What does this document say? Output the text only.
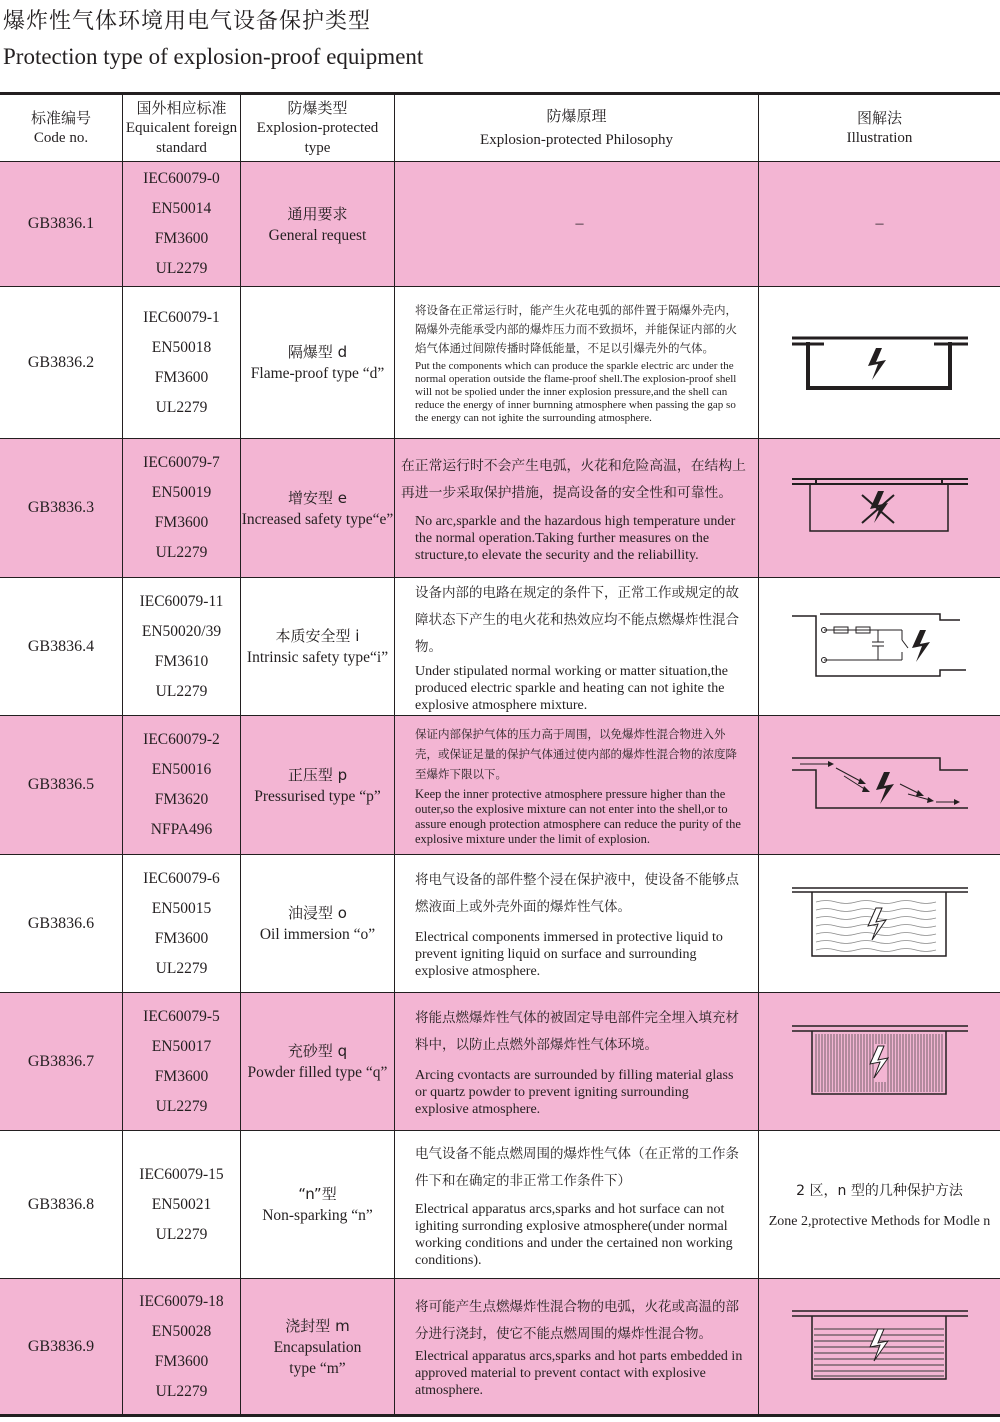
爆炸性气体环境用电气设备保护类型
Protection type of explosion-proof equipment
标准编号
Code no.
国外相应标准
Equicalent foreign
standard
防爆类型
Explosion-protected
type
防爆原理
Explosion-protected Philosophy
图解法
Illustration
GB3836.1
IEC60079-0
EN50014
FM3600
UL2279
通用要求
General request
–	–
GB3836.2
IEC60079-1
EN50018
FM3600
UL2279
隔爆型 d
Flame-proof type “d”
将设备在正常运行时，能产生火花电弧的部件置于隔爆外壳内，隔爆外壳能承受内部的爆炸压力而不致损坏，并能保证内部的火焰气体通过间隙传播时降低能量，不足以引爆壳外的气体。
Put the components which can produce the sparkle electric arc under the normal operation outside the flame-proof shell.The explosion-proof shell will not be spolied under the inner explosion pressure,and the shell can reduce the energy of inner burnning atmosphere when passing the gap so the energy can not ighite the surrounding atmosphere.
GB3836.3
IEC60079-7
EN50019
FM3600
UL2279
增安型 e
Increased safety type“e”
在正常运行时不会产生电弧，火花和危险高温，在结构上再进一步采取保护措施，提高设备的安全性和可靠性。
No arc,sparkle and the hazardous high temperature under the normal operation.Taking further measures on the structure,to elevate the security and the reliabillity.
GB3836.4
IEC60079-11
EN50020/39
FM3610
UL2279
本质安全型 i
Intrinsic safety type“i”
设备内部的电路在规定的条件下，正常工作或规定的故障状态下产生的电火花和热效应均不能点燃爆炸性混合物。
Under stipulated normal working or matter situation,the produced electric sparkle and heating can not ighite the explosive atmosphere mixture.
GB3836.5
IEC60079-2
EN50016
FM3620
NFPA496
正压型 p
Pressurised type “p”
保证内部保护气体的压力高于周围，以免爆炸性混合物进入外壳，或保证足量的保护气体通过使内部的爆炸性混合物的浓度降至爆炸下限以下。
Keep the inner protective atmosphere pressure higher than the outer,so the explosive mixture can not enter into the shell,or to assure enough protection atmosphere can reduce the purity of the explosive mixture under the limit of explosion.
GB3836.6
IEC60079-6
EN50015
FM3600
UL2279
油浸型 o
Oil immersion “o”
将电气设备的部件整个浸在保护液中，使设备不能够点燃液面上或外壳外面的爆炸性气体。
Electrical components immersed in protective liquid to prevent igniting liquid on surface and surrounding explosive atmosphere.
GB3836.7
IEC60079-5
EN50017
FM3600
UL2279
充砂型 q
Powder filled type “q”
将能点燃爆炸性气体的被固定导电部件完全埋入填充材料中，以防止点燃外部爆炸性气体环境。
Arcing cvontacts are surrounded by filling material glass or quartz powder to prevent igniting surrounding explosive atmosphere.
GB3836.8
IEC60079-15
EN50021
UL2279
“n”型
Non-sparking “n”
电气设备不能点燃周围的爆炸性气体（在正常的工作条件下和在确定的非正常工作条件下）
Electrical apparatus arcs,sparks and hot surface can not ighiting surronding explosive atmosphere(under normal working conditions and under the certained non working conditions).
2 区，n 型的几种保护方法
Zone 2,protective Methods for Modle n
GB3836.9
IEC60079-18
EN50028
FM3600
UL2279
浇封型 m
Encapsulation
type “m”
将可能产生点燃爆炸性混合物的电弧，火花或高温的部分进行浇封，使它不能点燃周围的爆炸性混合物。
Electrical apparatus arcs,sparks and hot parts embedded in approved material to prevent contact with explosive atmosphere.
